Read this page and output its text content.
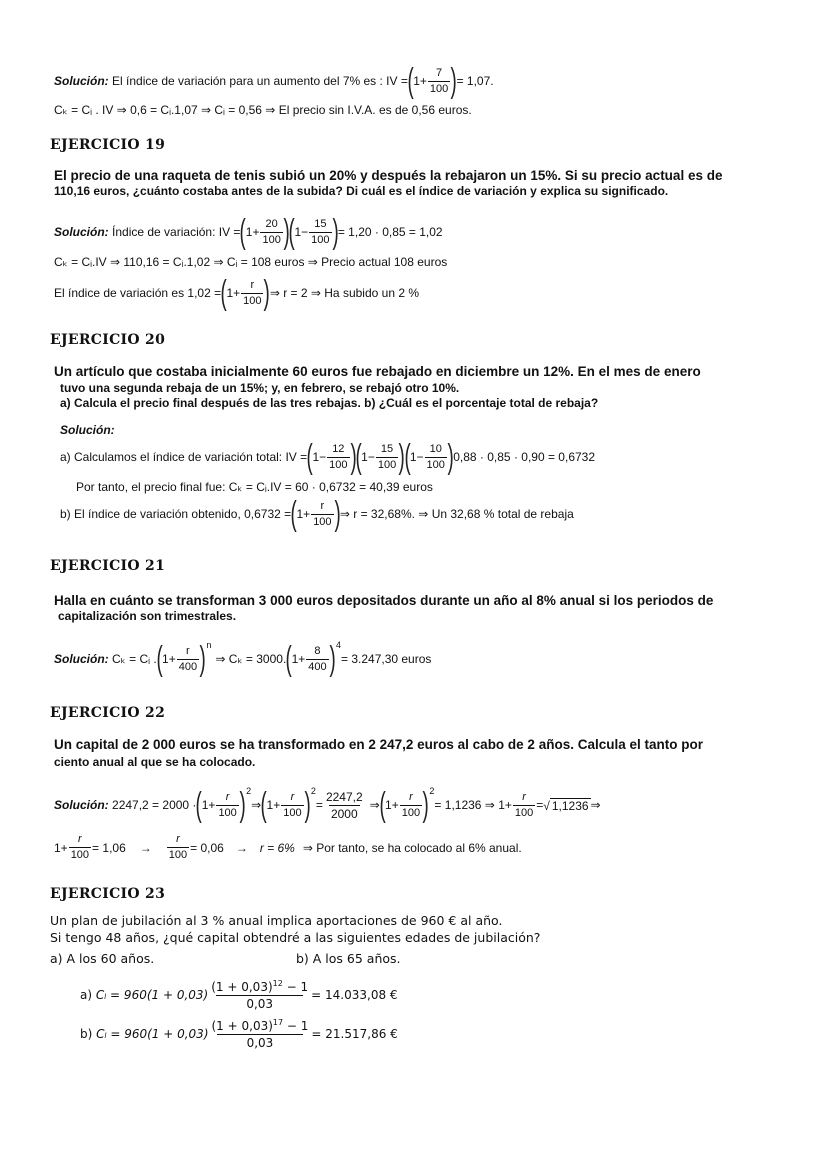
Solución:
El índice de variación para un aumento del 7% es : IV = ( $1+ \frac{7}{100}$ ) = 1,07.
Cₖ = Cᵢ . IV ⇒ 0,6 = Cᵢ.1,07 ⇒ Cᵢ = 0,56 ⇒ El precio sin I.V.A. es de 0,56 euros.
EJERCICIO 19
El precio de una raqueta de tenis subió un 20% y después la rebajaron un 15%. Si su precio actual es de
110,16 euros, ¿cuánto costaba antes de la subida? Di cuál es el índice de variación y explica su significado.
Solución:
Índice de variación: IV = ( $1+ \frac{20}{100}$ ) ( $1- \frac{15}{100}$ ) = 1,20 · 0,85 = 1,02
Cₖ = Cᵢ.IV ⇒ 110,16 = Cᵢ.1,02 ⇒ Cᵢ = 108 euros ⇒ Precio actual 108 euros
El índice de variación es 1,02 = ( $1+ \frac{r}{100}$ ) ⇒ r = 2 ⇒ Ha subido un 2 %
EJERCICIO 20
Un artículo que costaba inicialmente 60 euros fue rebajado en diciembre un 12%. En el mes de enero
tuvo una segunda rebaja de un 15%; y, en febrero, se rebajó otro 10%.
a) Calcula el precio final después de las tres rebajas. b) ¿Cuál es el porcentaje total de rebaja?
Solución:
a) Calculamos el índice de variación total: IV = ( $1- \frac{12}{100}$ ) ( $1- \frac{15}{100}$ ) ( $1- \frac{10}{100}$ ) 0,88 · 0,85 · 0,90 = 0,6732
Por tanto, el precio final fue: Cₖ = Cᵢ.IV = 60 · 0,6732 = 40,39 euros
b) El índice de variación obtenido, 0,6732 = ( $1+ \frac{r}{100}$ ) ⇒ r = 32,68%. ⇒ Un 32,68 % total de rebaja
EJERCICIO 21
Halla en cuánto se transforman 3 000 euros depositados durante un año al 8% anual si los periodos de
capitalización son trimestrales.
Solución:
Cₖ = Cᵢ . ( $1+ \frac{r}{400} )^n$
⇒ Cₖ = 3000. ( $1+ \frac{8}{400} )^4$
= 3.247,30 euros
EJERCICIO 22
Un capital de 2 000 euros se ha transformado en 2 247,2 euros al cabo de 2 años. Calcula el tanto por
ciento anual al que se ha colocado.
Solución:
2247,2 = 2000 · ( $1+ \frac{r}{100} )^2$
⇒ ( $1+ \frac{r}{100} )^2$
= $\frac{2247,2}{2000}$ ⇒ ( $1+ \frac{r}{100} )^2$
= 1,1236 ⇒ $1+ \frac{r}{100}$ = √ 1,1236 ⇒
$1+ \frac{r}{100} = 1,06 \to \frac{r}{100} = 0,06 \to r = 6\%$ ⇒ Por tanto, se ha colocado al 6% anual.
EJERCICIO 23
Un plan de jubilación al 3 % anual implica aportaciones de 960 € al año.
Si tengo 48 años, ¿qué capital obtendré a las siguientes edades de jubilación?
a) A los 60 años.	b) A los 65 años.
a)
$C_l = 960(1 + 0,03) \frac{(1 + 0,03)^{12} - 1}{0,03} = 14.033,08$ €
b)
$C_l = 960(1 + 0,03) \frac{(1 + 0,03)^{17} - 1}{0,03} = 21.517,86$ €
